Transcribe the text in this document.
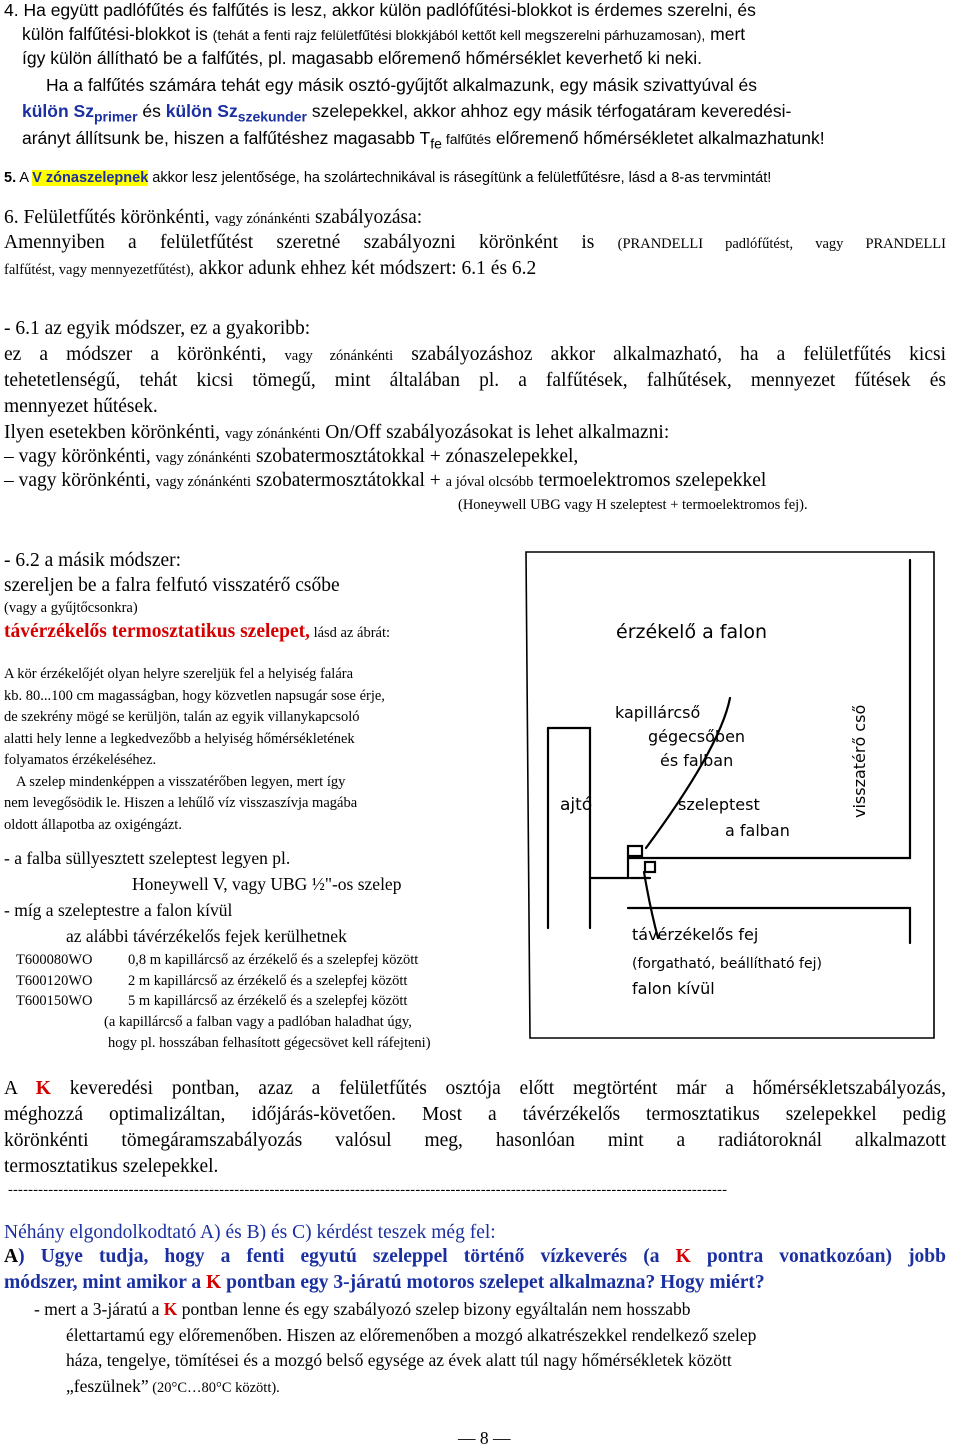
4. Ha együtt padlófűtés és falfűtés is lesz, akkor külön padlófűtési-blokkot is érdemes szerelni, és
külön falfűtési-blokkot is (tehát a fenti rajz felületfűtési blokkjából kettőt kell megszerelni párhuzamosan), mert
így külön állítható be a falfűtés, pl. magasabb előremenő hőmérséklet keverhető ki neki.
Ha a falfűtés számára tehát egy másik osztó-gyűjtőt alkalmazunk, egy másik szivattyúval és
külön $Sz_{primer}$ és külön $Sz_{szekunder}$ szelepekkel, akkor ahhoz egy másik térfogatáram keveredési-
arányt állítsunk be, hiszen a falfűtéshez magasabb $T_{fe}$ falfűtés előremenő hőmérsékletet alkalmazhatunk!
5. A V zónaszelepnek akkor lesz jelentősége, ha szolártechnikával is rásegítünk a felületfűtésre, lásd a 8-as tervmintát!
6. Felületfűtés körönkénti, vagy zónánkénti szabályozása:
Amennyiben a felületfűtést szeretné szabályozni körönként is (PRANDELLI padlófűtést, vagy PRANDELLI
falfűtést, vagy mennyezetfűtést), akkor adunk ehhez két módszert: 6.1 és 6.2
- 6.1 az egyik módszer, ez a gyakoribb:
ez a módszer a körönkénti, vagy zónánkénti szabályozáshoz akkor alkalmazható, ha a felületfűtés kicsi
tehetetlenségű, tehát kicsi tömegű, mint általában pl. a falfűtések, falhűtések, mennyezet fűtések és
mennyezet hűtések.
Ilyen esetekben körönkénti, vagy zónánkénti On/Off szabályozásokat is lehet alkalmazni:
– vagy körönkénti, vagy zónánkénti szobatermosztátokkal + zónaszelepekkel,
– vagy körönkénti, vagy zónánkénti szobatermosztátokkal + a jóval olcsóbb termoelektromos szelepekkel
(Honeywell UBG vagy H szeleptest + termoelektromos fej).
- 6.2 a másik módszer:
szereljen be a falra felfutó visszatérő csőbe
(vagy a gyűjtőcsonkra)
távérzékelős termosztatikus szelepet, lásd az ábrát:
A kör érzékelőjét olyan helyre szereljük fel a helyiség falára
kb. 80...100 cm magasságban, hogy közvetlen napsugár sose érje,
de szekrény mögé se kerüljön, talán az egyik villanykapcsoló
alatti hely lenne a legkedvezőbb a helyiség hőmérsékletének
folyamatos érzékeléséhez.
A szelep mindenképpen a visszatérőben legyen, mert így
nem levegősödik le. Hiszen a lehűlő víz visszaszívja magába
oldott állapotba az oxigéngázt.
- a falba süllyesztett szeleptest legyen pl.
Honeywell V, vagy UBG ½"-os szelep
- míg a szeleptestre a falon kívül
az alábbi távérzékelős fejek kerülhetnek
T600080WO 0,8 m kapillárcső az érzékelő és a szelepfej között
T600120WO 2 m kapillárcső az érzékelő és a szelepfej között
T600150WO 5 m kapillárcső az érzékelő és a szelepfej között
(a kapillárcső a falban vagy a padlóban haladhat úgy,
hogy pl. hosszában felhasított gégecsövet kell ráfejteni)
érzékelő a falon
kapillárcső
gégecsőben
és falban
ajtó	szeleptest
a falban
visszatérő cső
távérzékelős fej
(forgatható, beállítható fej)
falon kívül
A K keveredési pontban, azaz a felületfűtés osztója előtt megtörtént már a hőmérsékletszabályozás,
méghozzá optimalizáltan, időjárás-követően. Most a távérzékelős termosztatikus szelepekkel pedig
körönkénti tömegáramszabályozás valósul meg, hasonlóan mint a radiátoroknál alkalmazott
termosztatikus szelepekkel.
-----------------------------------------------------------------------------------------------------------------------------------------------
Néhány elgondolkodtató A) és B) és C) kérdést teszek még fel:
A) Ugye tudja, hogy a fenti egyutú szeleppel történő vízkeverés (a K pontra vonatkozóan) jobb
módszer, mint amikor a K pontban egy 3-járatú motoros szelepet alkalmazna? Hogy miért?
- mert a 3-járatú a K pontban lenne és egy szabályozó szelep bizony egyáltalán nem hosszabb
élettartamú egy előremenőben. Hiszen az előremenőben a mozgó alkatrészekkel rendelkező szelep
háza, tengelye, tömítései és a mozgó belső egysége az évek alatt túl nagy hőmérsékletek között
„feszülnek” (20°C…80°C között).
— 8 —
